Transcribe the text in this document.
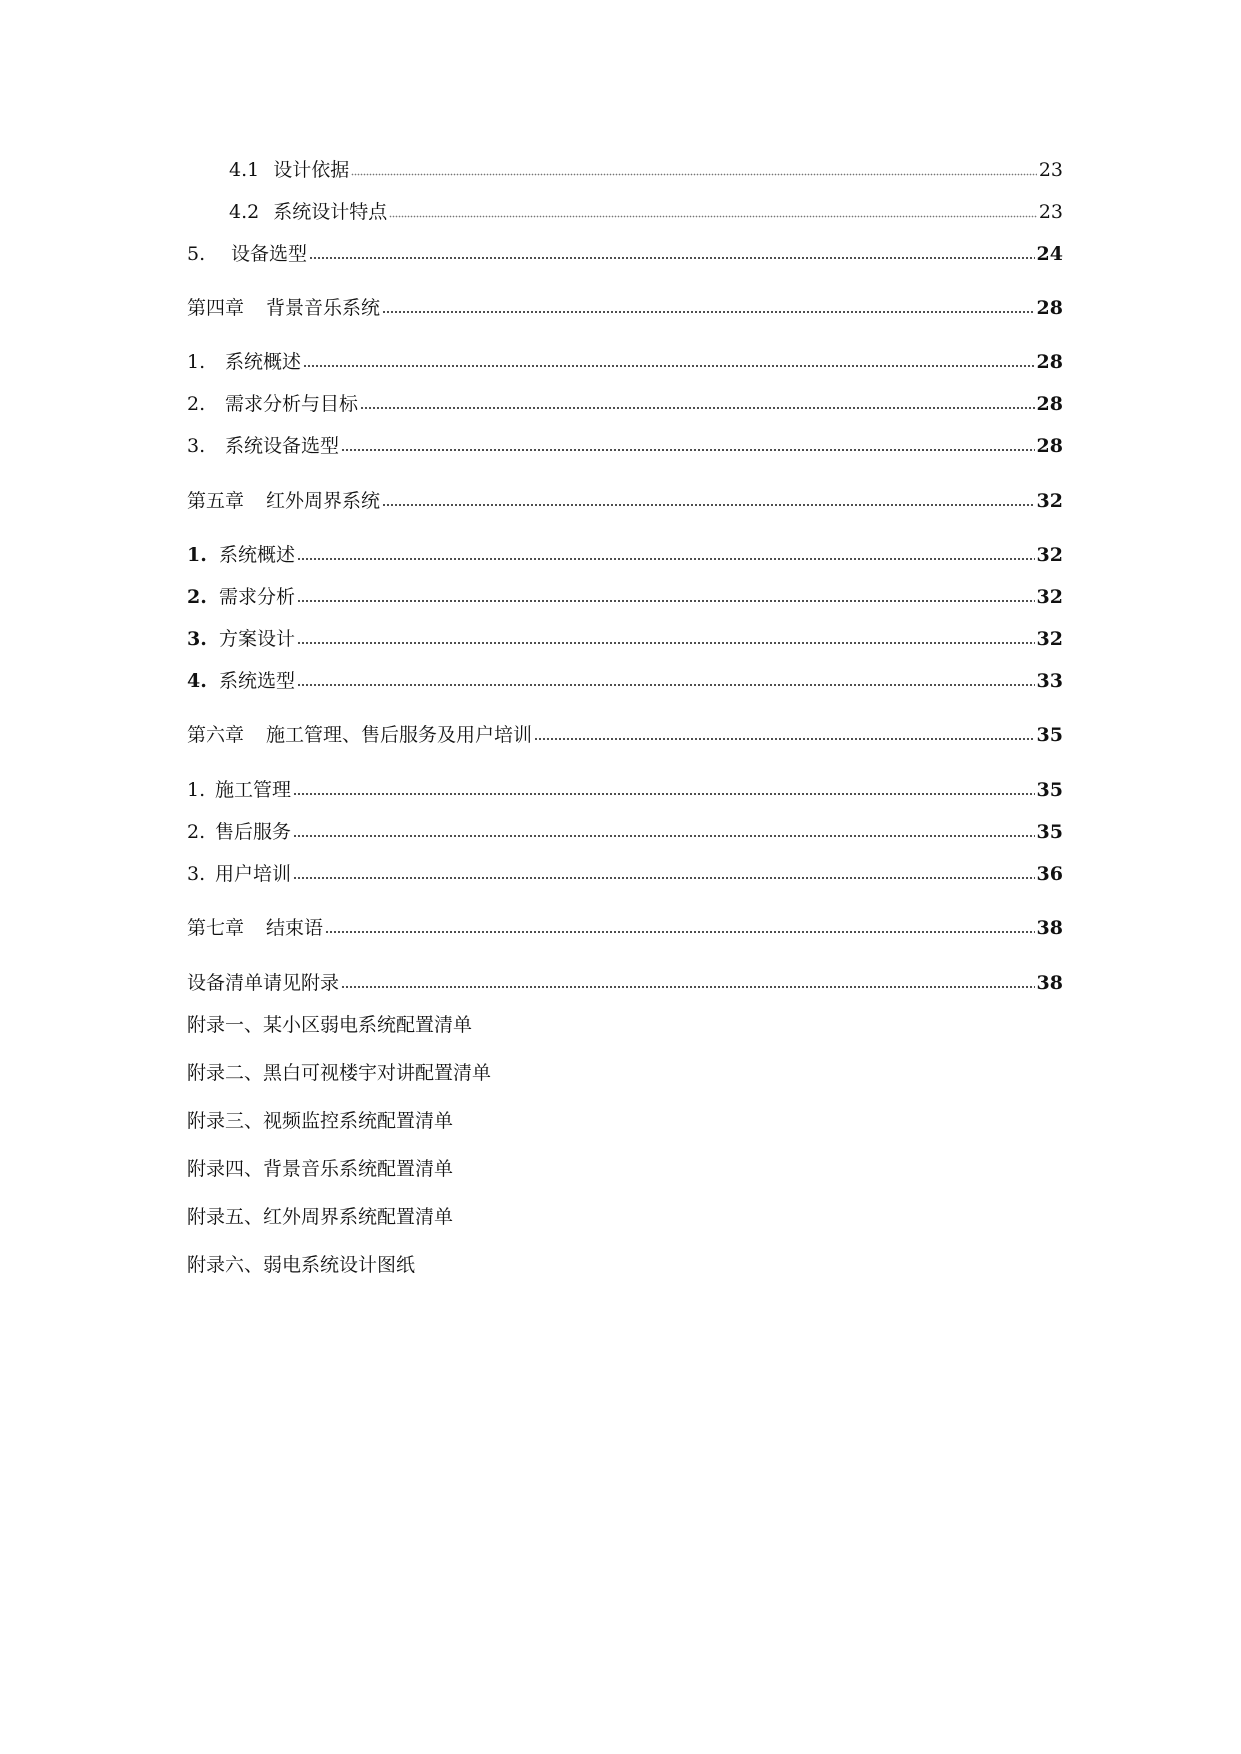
4.1 设计依据	23
4.2 系统设计特点	23
5.	设备选型	24
第四章 背景音乐系统	28
1.	系统概述	28
2.	需求分析与目标	28
3.	系统设备选型	28
第五章 红外周界系统	32
1. 系统概述	32
2. 需求分析	32
3. 方案设计	32
4. 系统选型	33
第六章 施工管理、售后服务及用户培训	35
1. 施工管理	35
2. 售后服务	35
3. 用户培训	36
第七章 结束语	38
设备清单请见附录	38
附录一、某小区弱电系统配置清单
附录二、黑白可视楼宇对讲配置清单
附录三、视频监控系统配置清单
附录四、背景音乐系统配置清单
附录五、红外周界系统配置清单
附录六、弱电系统设计图纸
